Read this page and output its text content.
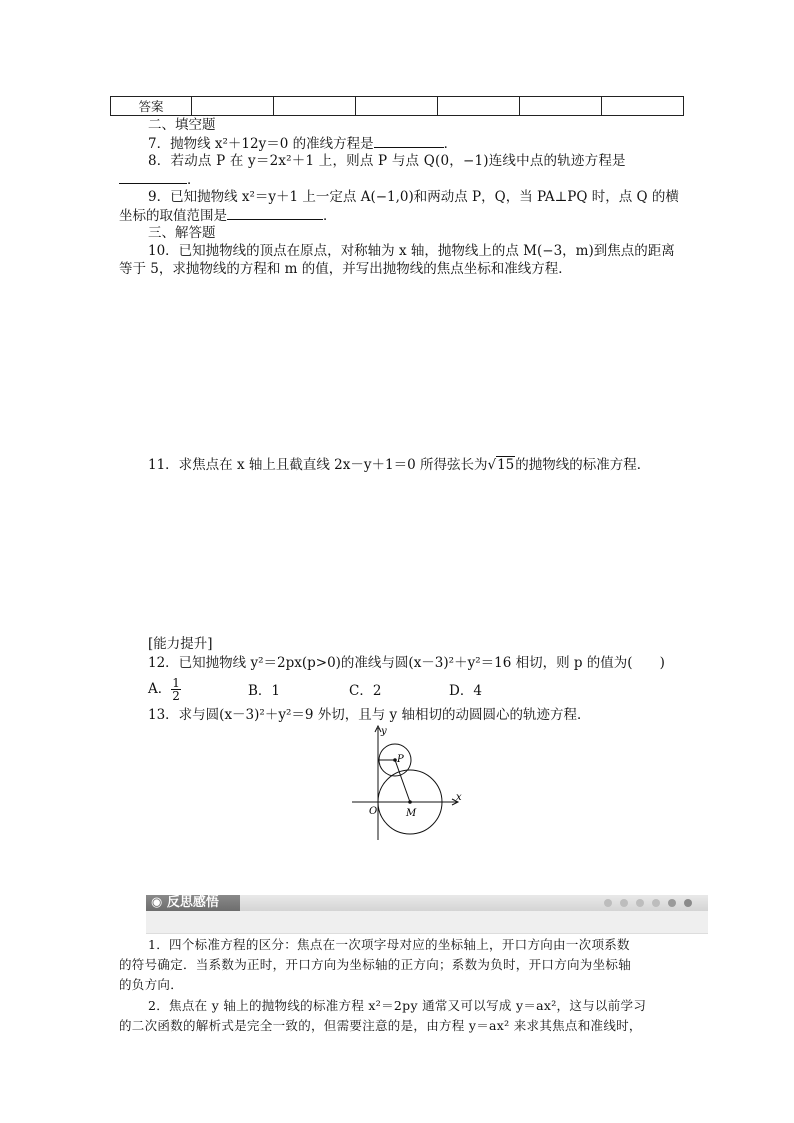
答案						
二、填空题
7．抛物线 x²＋12y＝0 的准线方程是	．
8．若动点 P 在 y＝2x²＋1 上，则点 P 与点 Q(0，−1)连线中点的轨迹方程是
．
9．已知抛物线 x²＝y＋1 上一定点 A(−1,0)和两动点 P，Q，当 PA⊥PQ 时，点 Q 的横
坐标的取值范围是	．
三、解答题
10．已知抛物线的顶点在原点，对称轴为 x 轴，抛物线上的点 M(−3，m)到焦点的距离
等于 5，求抛物线的方程和 m 的值，并写出抛物线的焦点坐标和准线方程．
11．求焦点在 x 轴上且截直线 2x－y＋1＝0 所得弦长为√15的抛物线的标准方程．
[能力提升]
12．已知抛物线 y²＝2px(p>0)的准线与圆(x－3)²＋y²＝16 相切，则 p 的值为(　　)
A． $\frac{1}{2}$	B．1	C．2	D．4
13．求与圆(x－3)²＋y²＝9 外切，且与 y 轴相切的动圆圆心的轨迹方程．
y
x
O
P
M
◉ 反思感悟
1．四个标准方程的区分：焦点在一次项字母对应的坐标轴上，开口方向由一次项系数
的符号确定．当系数为正时，开口方向为坐标轴的正方向；系数为负时，开口方向为坐标轴
的负方向．
2．焦点在 y 轴上的抛物线的标准方程 x²＝2py 通常又可以写成 y＝ax²，这与以前学习
的二次函数的解析式是完全一致的，但需要注意的是，由方程 y＝ax² 来求其焦点和准线时，
